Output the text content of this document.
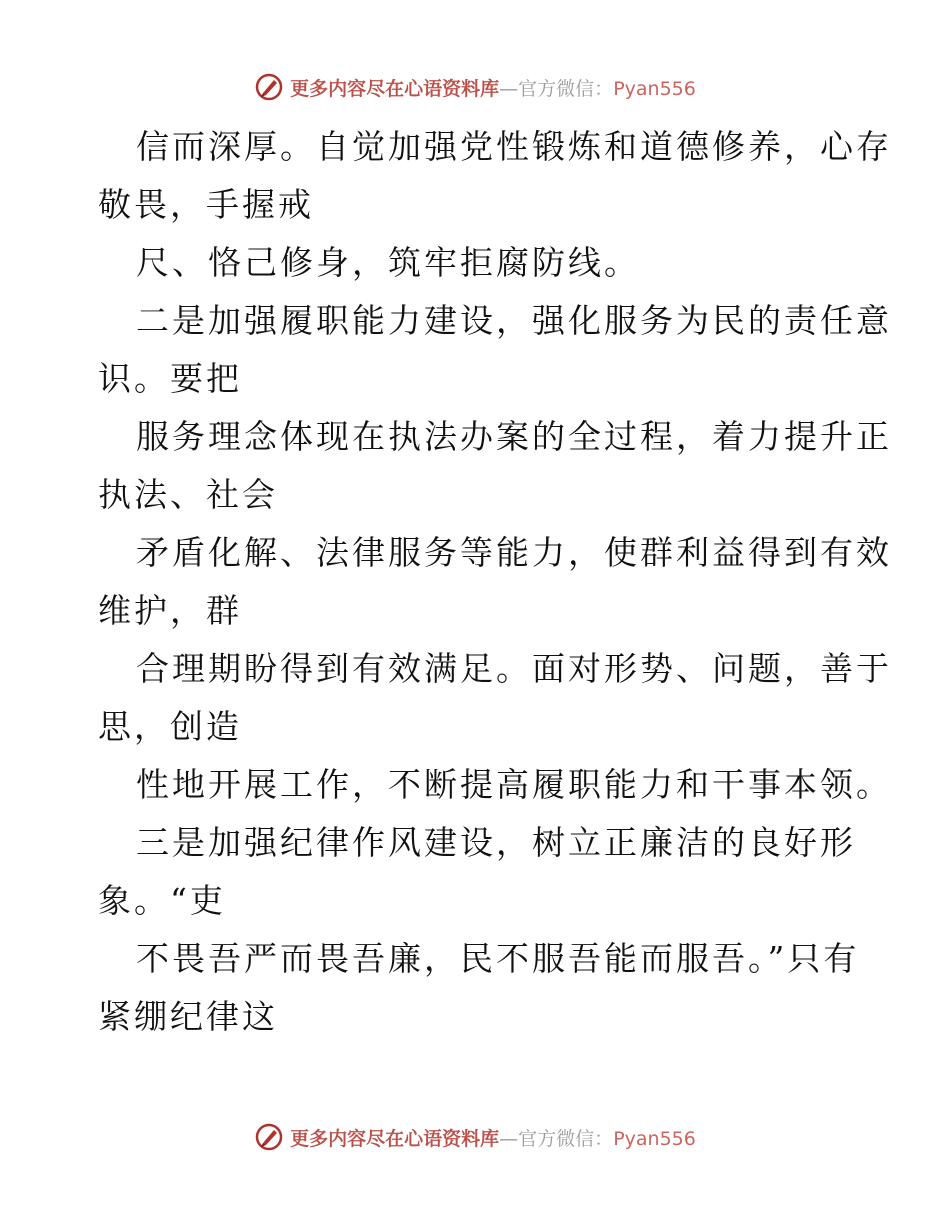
更多内容尽在心语资料库—官方微信：Pyan556
信而深厚。自觉加强党性锻炼和道德修养，心存
敬畏，手握戒
尺、恪己修身，筑牢拒腐防线。
二是加强履职能力建设，强化服务为民的责任意
识。要把
服务理念体现在执法办案的全过程，着力提升正
执法、社会
矛盾化解、法律服务等能力，使群利益得到有效
维护，群
合理期盼得到有效满足。面对形势、问题，善于
思，创造
性地开展工作，不断提高履职能力和干事本领。
三是加强纪律作风建设，树立正廉洁的良好形
象。“吏
不畏吾严而畏吾廉，民不服吾能而服吾。”只有
紧绷纪律这
更多内容尽在心语资料库—官方微信：Pyan556
